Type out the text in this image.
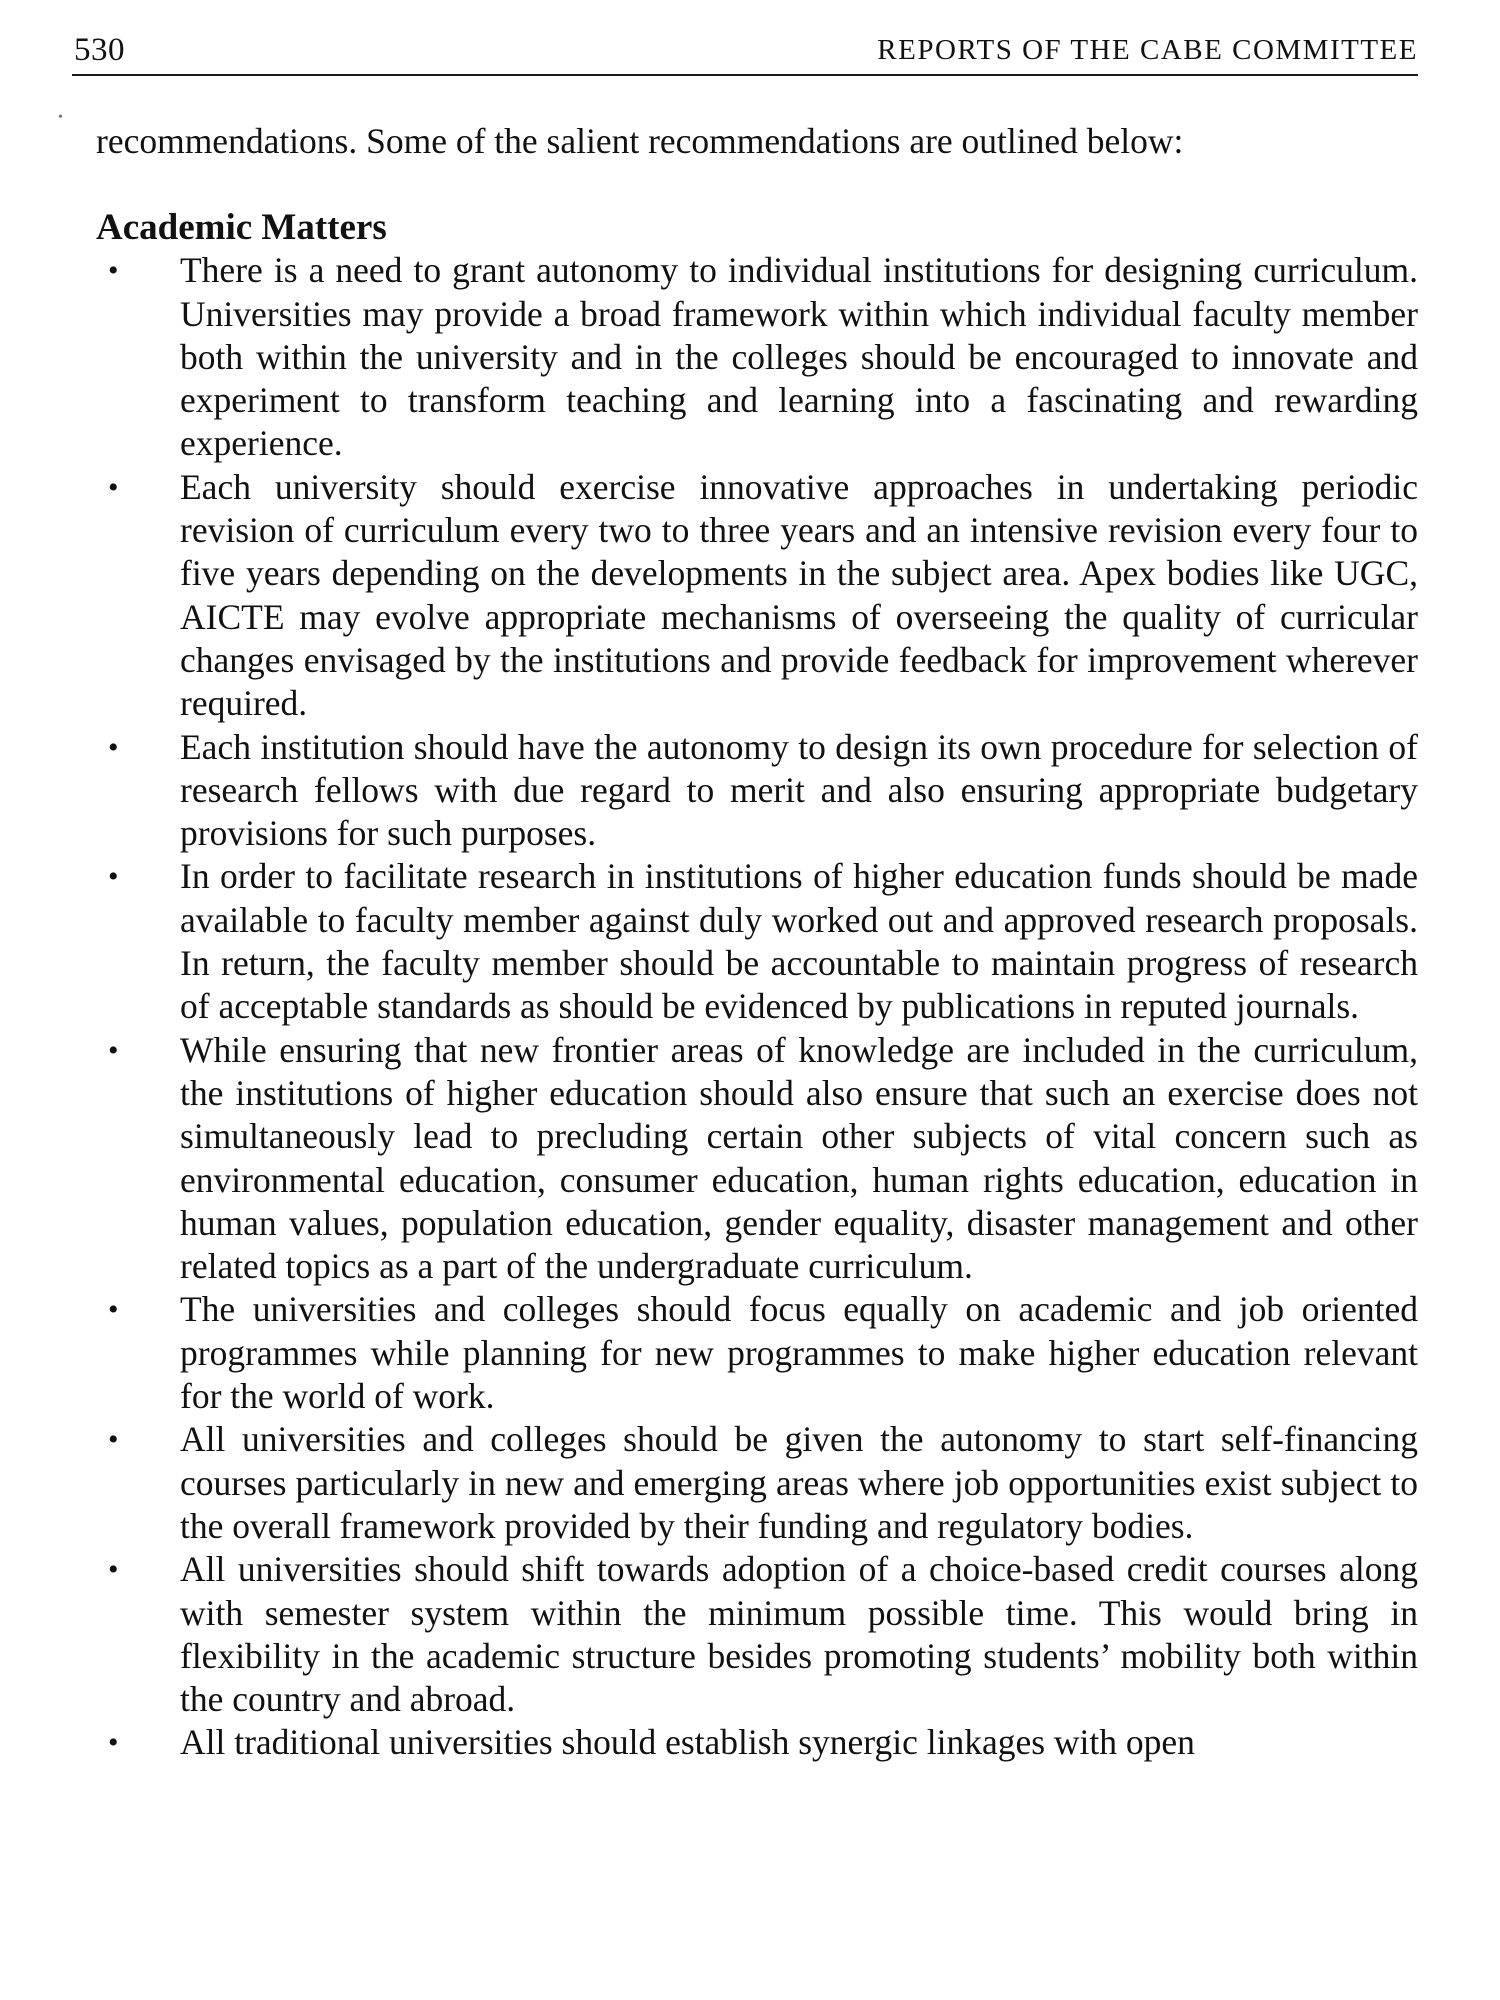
530	REPORTS OF THE CABE COMMITTEE
•

recommendations. Some of the salient recommendations are outlined below:

Academic Matters
• There is a need to grant autonomy to individual institutions for designing curriculum. Universities may provide a broad framework within which individual faculty member both within the university and in the colleges should be encouraged to innovate and experiment to transform teaching and learning into a fascinating and rewarding experience.
• Each university should exercise innovative approaches in undertaking periodic revision of curriculum every two to three years and an intensive revision every four to five years depending on the developments in the subject area. Apex bodies like UGC, AICTE may evolve appropriate mechanisms of overseeing the quality of curricular changes envisaged by the institutions and provide feedback for improvement wherever required.
• Each institution should have the autonomy to design its own procedure for selection of research fellows with due regard to merit and also ensuring appropriate budgetary provisions for such purposes.
• In order to facilitate research in institutions of higher education funds should be made available to faculty member against duly worked out and approved research proposals. In return, the faculty member should be accountable to maintain progress of research of acceptable standards as should be evidenced by publications in reputed journals.
• While ensuring that new frontier areas of knowledge are included in the curriculum, the institutions of higher education should also ensure that such an exercise does not simultaneously lead to precluding certain other subjects of vital concern such as environmental education, consumer education, human rights education, education in human values, population education, gender equality, disaster management and other related topics as a part of the undergraduate curriculum.
• The universities and colleges should focus equally on academic and job oriented programmes while planning for new programmes to make higher education relevant for the world of work.
• All universities and colleges should be given the autonomy to start self-financing courses particularly in new and emerging areas where job opportunities exist subject to the overall framework provided by their funding and regulatory bodies.
• All universities should shift towards adoption of a choice-based credit courses along with semester system within the minimum possible time. This would bring in flexibility in the academic structure besides promoting students’ mobility both within the country and abroad.
• All traditional universities should establish synergic linkages with open
